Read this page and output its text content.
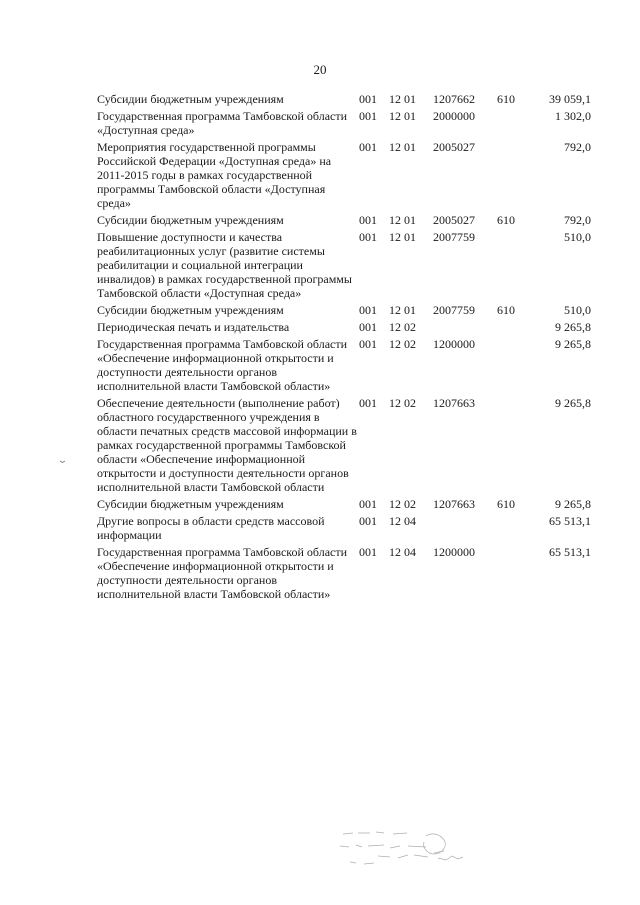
20
Субсидии бюджетным учреждениям	001	12 01	1207662	610	39 059,1
Государственная программа Тамбовской области «Доступная среда»	001	12 01	2000000		1 302,0
Мероприятия государственной программы Российской Федерации «Доступная среда» на 2011-2015 годы в рамках государственной программы Тамбовской области «Доступная среда»	001	12 01	2005027		792,0
Субсидии бюджетным учреждениям	001	12 01	2005027	610	792,0
Повышение доступности и качества реабилитационных услуг (развитие системы реабилитации и социальной интеграции инвалидов) в рамках государственной программы Тамбовской области «Доступная среда»	001	12 01	2007759		510,0
Субсидии бюджетным учреждениям	001	12 01	2007759	610	510,0
Периодическая печать и издательства	001	12 02			9 265,8
Государственная программа Тамбовской области «Обеспечение информационной открытости и доступности деятельности органов исполнительной власти Тамбовской области»	001	12 02	1200000		9 265,8
Обеспечение деятельности (выполнение работ) областного государственного учреждения в области печатных средств массовой информации в рамках государственной программы Тамбовской области «Обеспечение информационной открытости и доступности деятельности органов исполнительной власти Тамбовской области	001	12 02	1207663		9 265,8
Субсидии бюджетным учреждениям	001	12 02	1207663	610	9 265,8
Другие вопросы в области средств массовой информации	001	12 04			65 513,1
Государственная программа Тамбовской области «Обеспечение информационной открытости и доступности деятельности органов исполнительной власти Тамбовской области»	001	12 04	1200000		65 513,1
